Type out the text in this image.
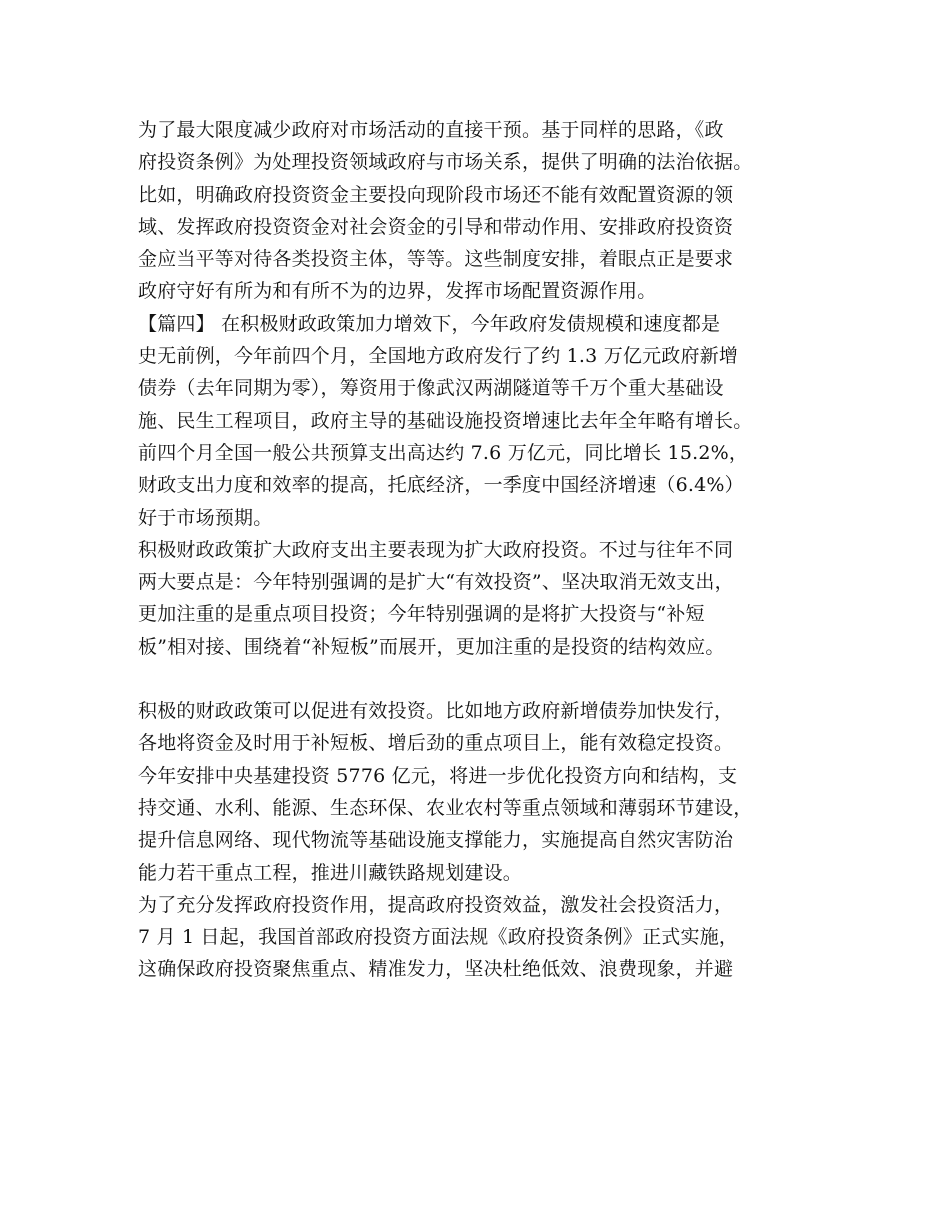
为了最大限度减少政府对市场活动的直接干预。基于同样的思路，《政
府投资条例》为处理投资领域政府与市场关系，提供了明确的法治依据。
比如，明确政府投资资金主要投向现阶段市场还不能有效配置资源的领
域、发挥政府投资资金对社会资金的引导和带动作用、安排政府投资资
金应当平等对待各类投资主体，等等。这些制度安排，着眼点正是要求
政府守好有所为和有所不为的边界，发挥市场配置资源作用。
【篇四】 在积极财政政策加力增效下，今年政府发债规模和速度都是
史无前例，今年前四个月，全国地方政府发行了约 1.3 万亿元政府新增
债券（去年同期为零），筹资用于像武汉两湖隧道等千万个重大基础设
施、民生工程项目，政府主导的基础设施投资增速比去年全年略有增长。
前四个月全国一般公共预算支出高达约 7.6 万亿元，同比增长 15.2%，
财政支出力度和效率的提高，托底经济，一季度中国经济增速（6.4%）
好于市场预期。
积极财政政策扩大政府支出主要表现为扩大政府投资。不过与往年不同
两大要点是：今年特别强调的是扩大“有效投资”、坚决取消无效支出，
更加注重的是重点项目投资；今年特别强调的是将扩大投资与“补短
板”相对接、围绕着“补短板”而展开，更加注重的是投资的结构效应。
积极的财政政策可以促进有效投资。比如地方政府新增债券加快发行，
各地将资金及时用于补短板、增后劲的重点项目上，能有效稳定投资。
今年安排中央基建投资 5776 亿元，将进一步优化投资方向和结构，支
持交通、水利、能源、生态环保、农业农村等重点领域和薄弱环节建设，
提升信息网络、现代物流等基础设施支撑能力，实施提高自然灾害防治
能力若干重点工程，推进川藏铁路规划建设。
为了充分发挥政府投资作用，提高政府投资效益，激发社会投资活力，
7 月 1 日起，我国首部政府投资方面法规《政府投资条例》正式实施，
这确保政府投资聚焦重点、精准发力，坚决杜绝低效、浪费现象，并避
